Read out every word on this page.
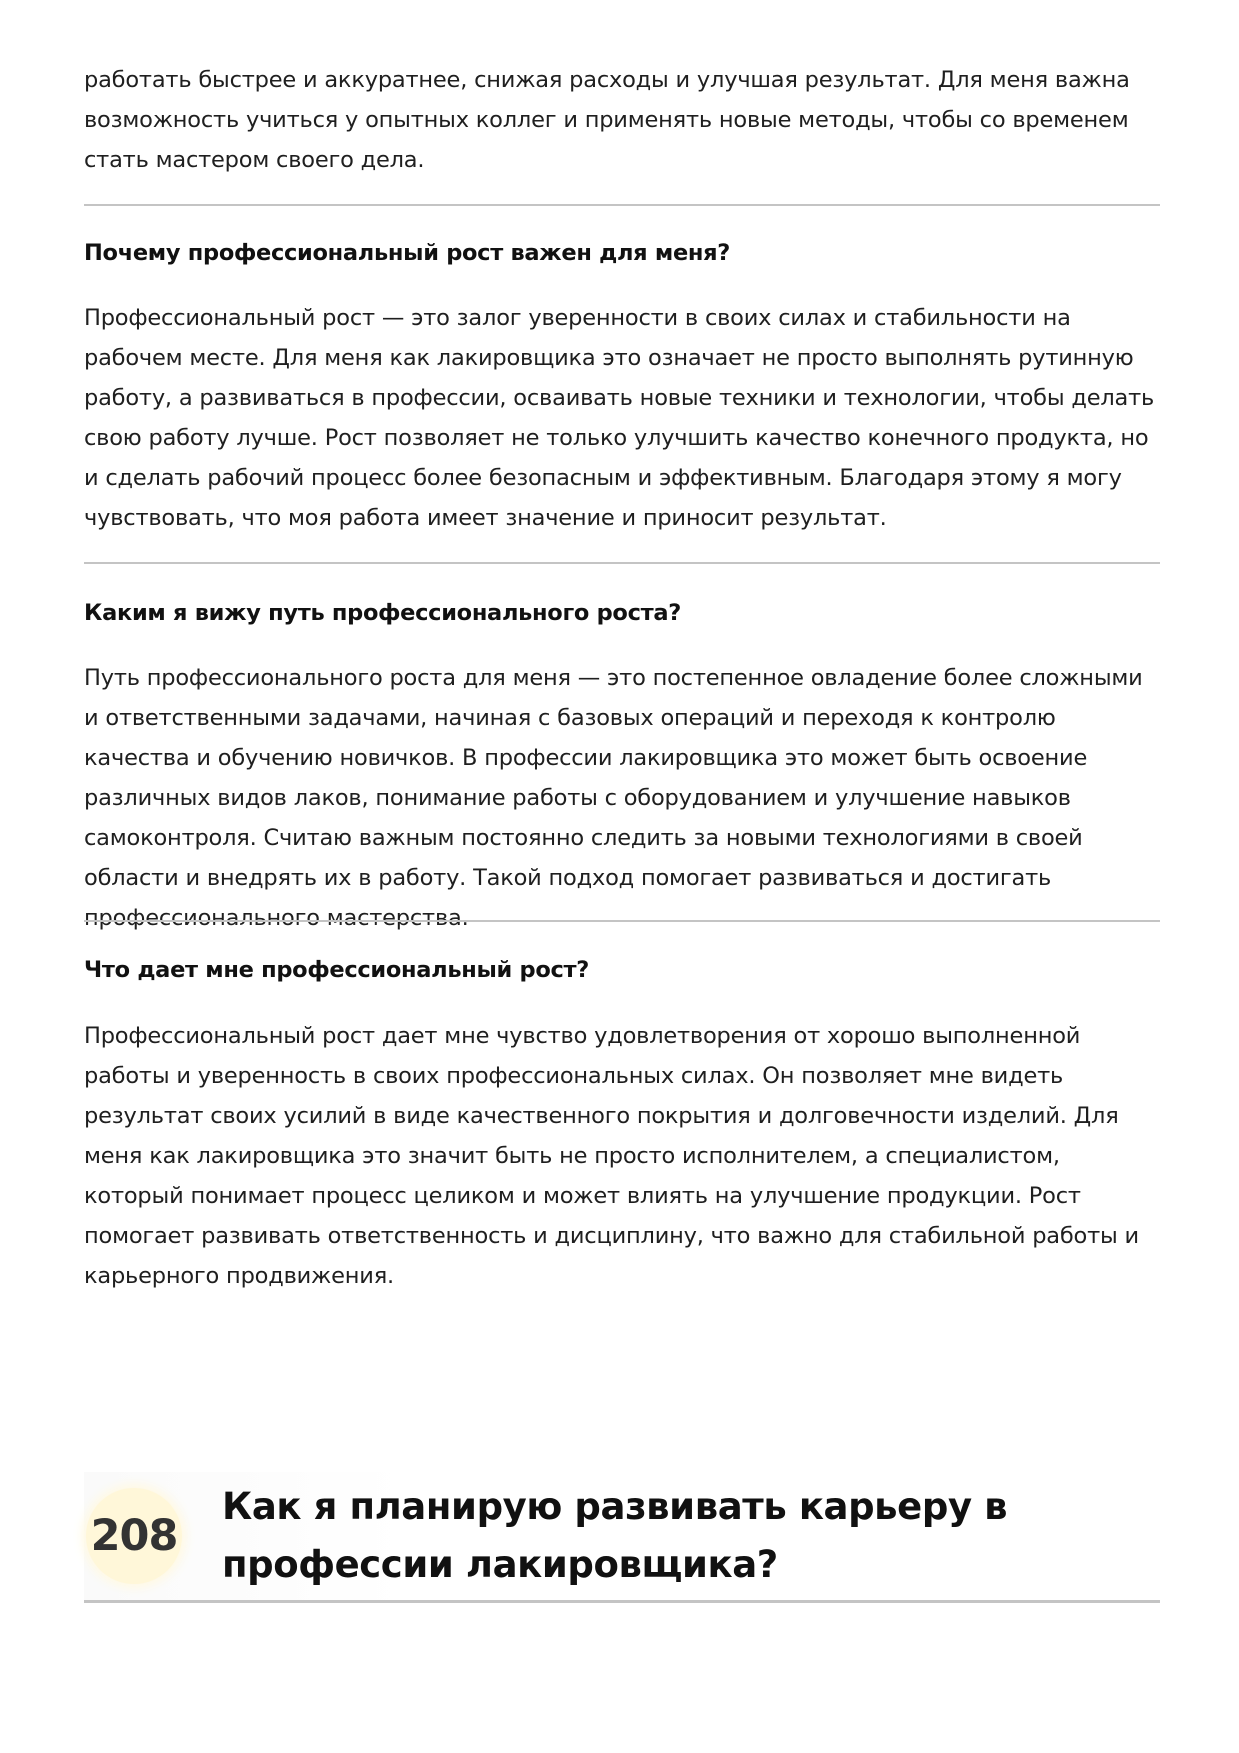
работать быстрее и аккуратнее, снижая расходы и улучшая результат. Для меня важна возможность учиться у опытных коллег и применять новые методы, чтобы со временем стать мастером своего дела.

Почему профессиональный рост важен для меня?

Профессиональный рост — это залог уверенности в своих силах и стабильности на рабочем месте. Для меня как лакировщика это означает не просто выполнять рутинную работу, а развиваться в профессии, осваивать новые техники и технологии, чтобы делать свою работу лучше. Рост позволяет не только улучшить качество конечного продукта, но и сделать рабочий процесс более безопасным и эффективным. Благодаря этому я могу чувствовать, что моя работа имеет значение и приносит результат.

Каким я вижу путь профессионального роста?

Путь профессионального роста для меня — это постепенное овладение более сложными и ответственными задачами, начиная с базовых операций и переходя к контролю качества и обучению новичков. В профессии лакировщика это может быть освоение различных видов лаков, понимание работы с оборудованием и улучшение навыков самоконтроля. Считаю важным постоянно следить за новыми технологиями в своей области и внедрять их в работу. Такой подход помогает развиваться и достигать профессионального мастерства.

Что дает мне профессиональный рост?

Профессиональный рост дает мне чувство удовлетворения от хорошо выполненной работы и уверенность в своих профессиональных силах. Он позволяет мне видеть результат своих усилий в виде качественного покрытия и долговечности изделий. Для меня как лакировщика это значит быть не просто исполнителем, а специалистом, который понимает процесс целиком и может влиять на улучшение продукции. Рост помогает развивать ответственность и дисциплину, что важно для стабильной работы и карьерного продвижения.

208
Как я планирую развивать карьеру в профессии лакировщика?
